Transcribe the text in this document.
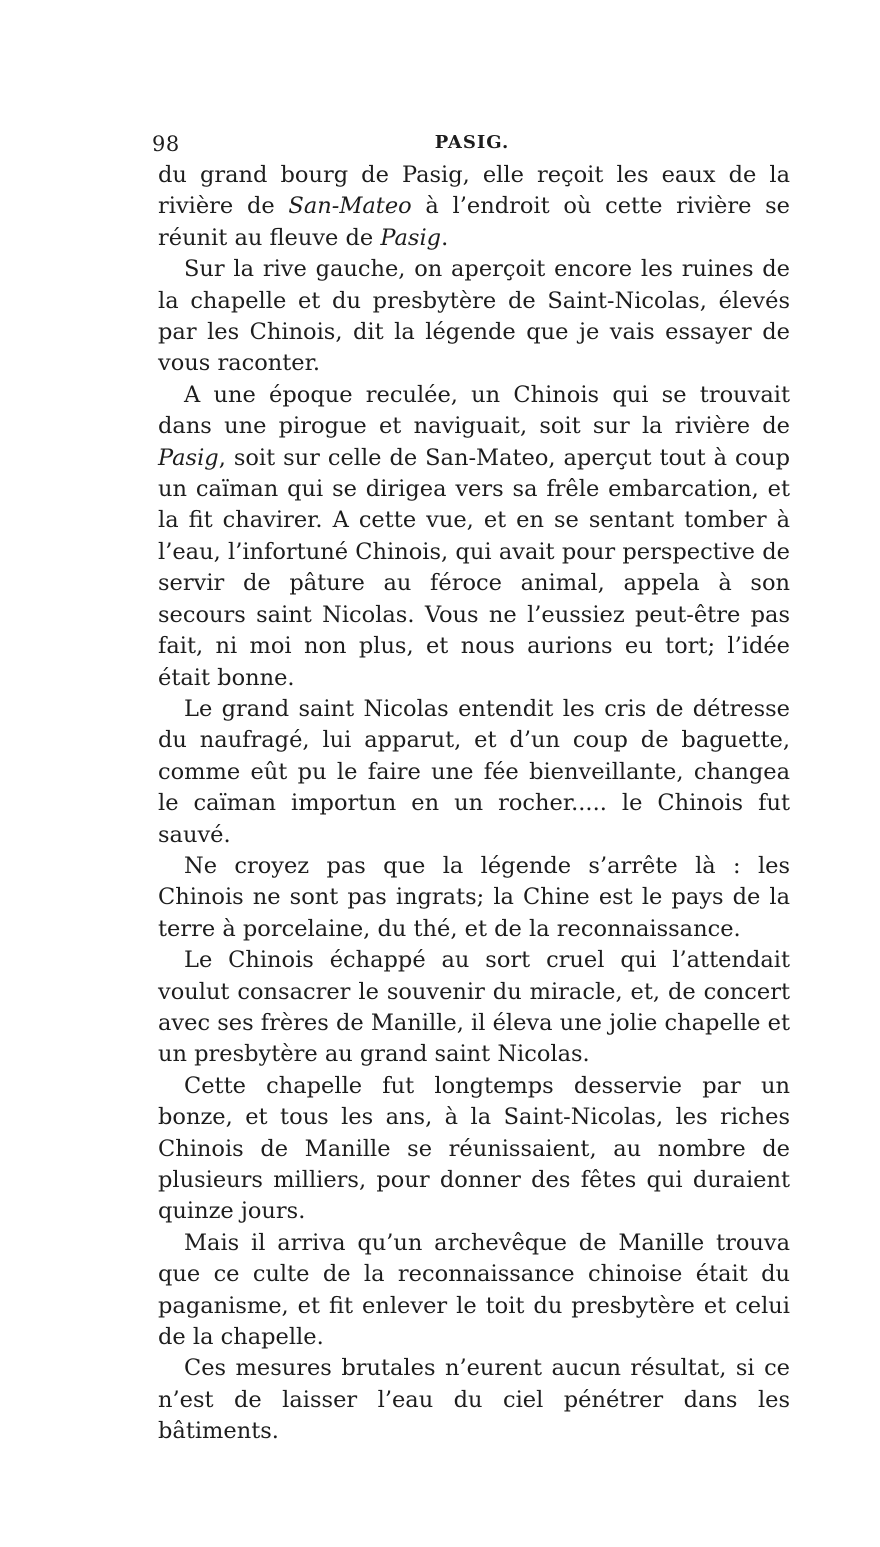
98	PASIG.

du grand bourg de Pasig, elle reçoit les eaux de la rivière de San-Mateo à l’endroit où cette rivière se réunit au fleuve de Pasig.

Sur la rive gauche, on aperçoit encore les ruines de la chapelle et du presbytère de Saint-Nicolas, élevés par les Chinois, dit la légende que je vais essayer de vous raconter.

A une époque reculée, un Chinois qui se trouvait dans une pirogue et naviguait, soit sur la rivière de Pasig, soit sur celle de San-Mateo, aperçut tout à coup un caïman qui se dirigea vers sa frêle embarcation, et la fit chavirer. A cette vue, et en se sentant tomber à l’eau, l’infortuné Chinois, qui avait pour perspective de servir de pâture au féroce animal, appela à son secours saint Nicolas. Vous ne l’eussiez peut-être pas fait, ni moi non plus, et nous aurions eu tort; l’idée était bonne.

Le grand saint Nicolas entendit les cris de détresse du naufragé, lui apparut, et d’un coup de baguette, comme eût pu le faire une fée bienveillante, changea le caïman importun en un rocher..... le Chinois fut sauvé.

Ne croyez pas que la légende s’arrête là : les Chinois ne sont pas ingrats; la Chine est le pays de la terre à porcelaine, du thé, et de la reconnaissance.

Le Chinois échappé au sort cruel qui l’attendait voulut consacrer le souvenir du miracle, et, de concert avec ses frères de Manille, il éleva une jolie chapelle et un presbytère au grand saint Nicolas.

Cette chapelle fut longtemps desservie par un bonze, et tous les ans, à la Saint-Nicolas, les riches Chinois de Manille se réunissaient, au nombre de plusieurs milliers, pour donner des fêtes qui duraient quinze jours.

Mais il arriva qu’un archevêque de Manille trouva que ce culte de la reconnaissance chinoise était du paganisme, et fit enlever le toit du presbytère et celui de la chapelle.

Ces mesures brutales n’eurent aucun résultat, si ce n’est de laisser l’eau du ciel pénétrer dans les bâtiments.
